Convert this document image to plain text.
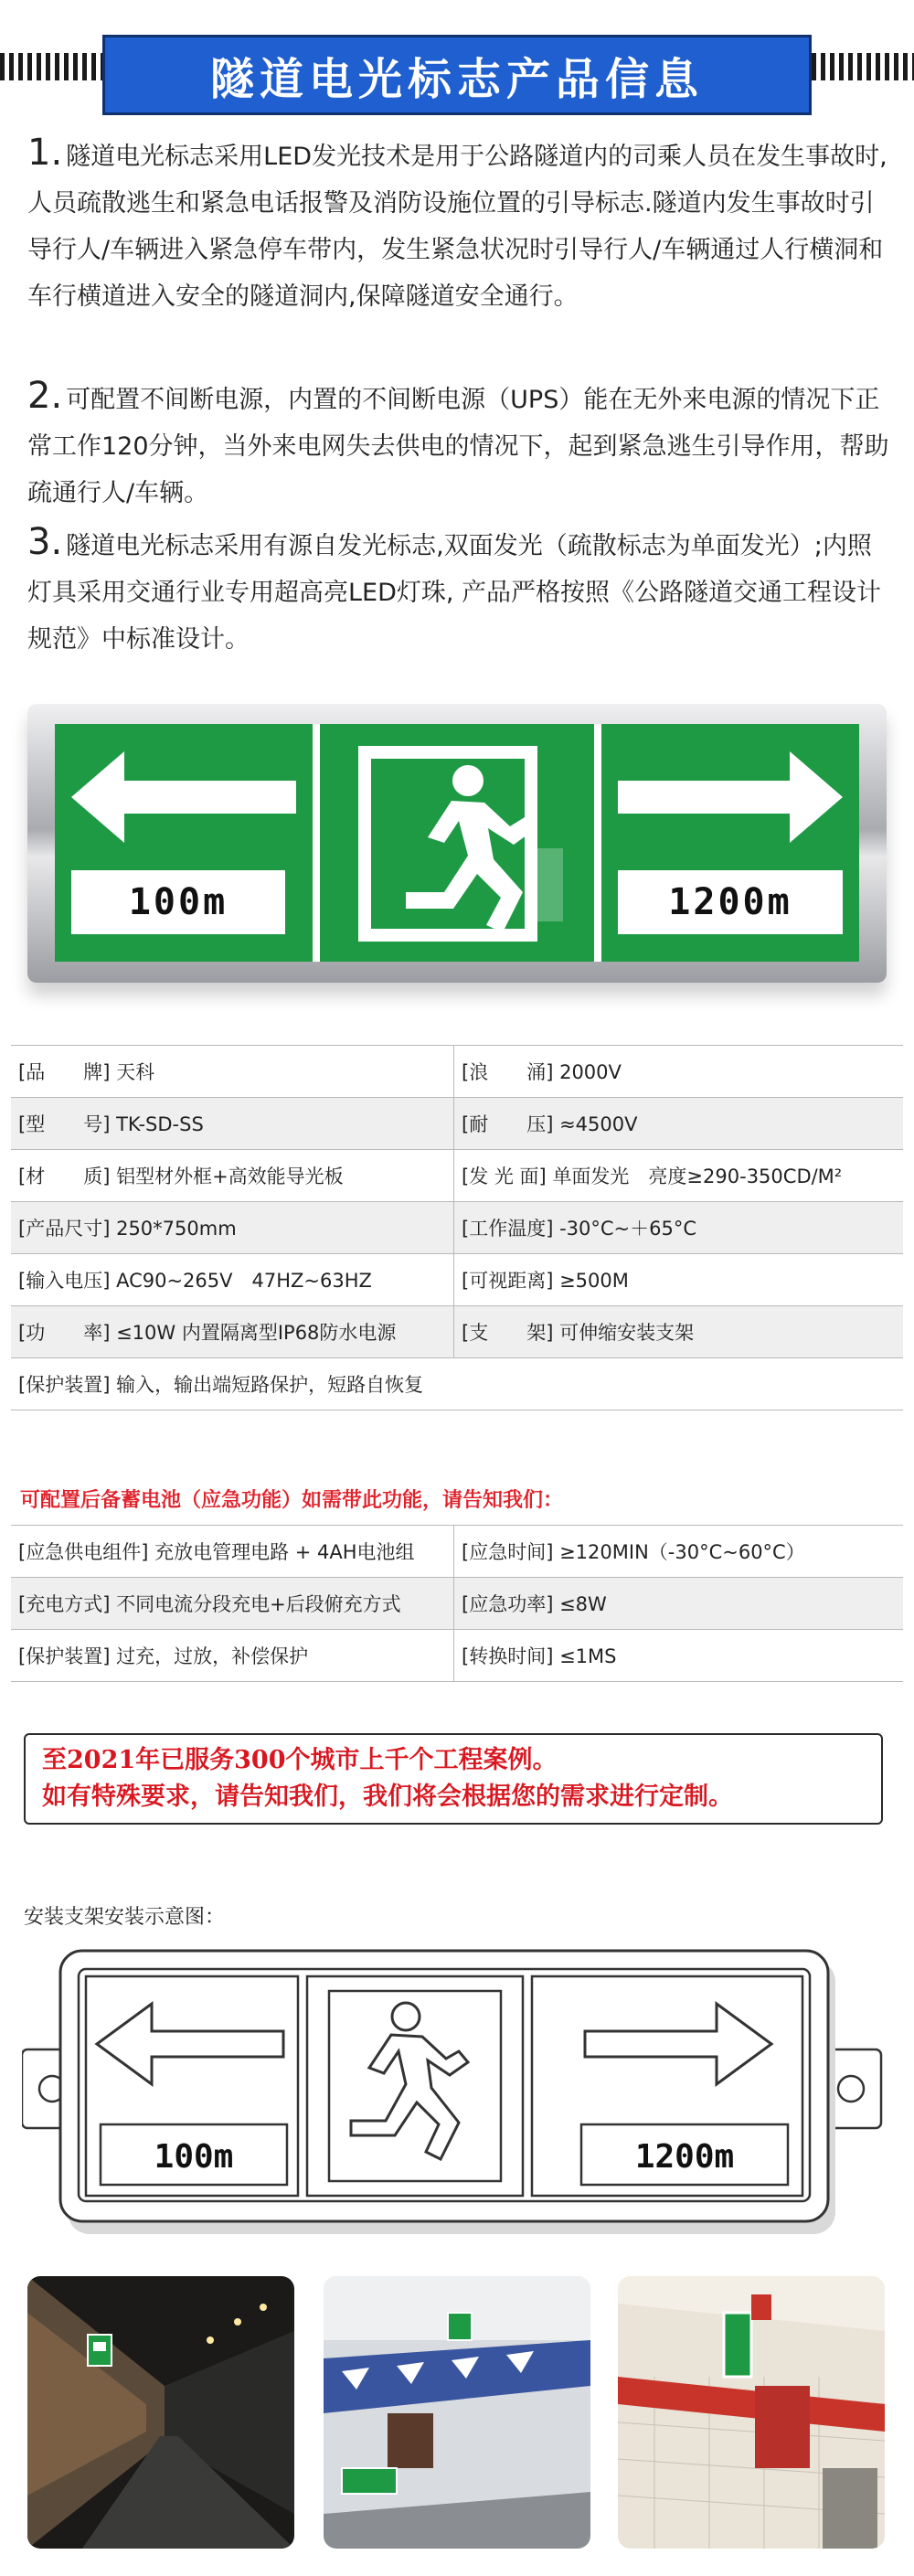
隧道电光标志产品信息
1. 隧道电光标志采用LED发光技术是用于公路隧道内的司乘人员在发生事故时,人员疏散逃生和紧急电话报警及消防设施位置的引导标志.隧道内发生事故时引导行人/车辆进入紧急停车带内，发生紧急状况时引导行人/车辆通过人行横洞和车行横道进入安全的隧道洞内,保障隧道安全通行。
2. 可配置不间断电源，内置的不间断电源（UPS）能在无外来电源的情况下正常工作120分钟，当外来电网失去供电的情况下，起到紧急逃生引导作用，帮助疏通行人/车辆。
3. 隧道电光标志采用有源自发光标志,双面发光（疏散标志为单面发光）;内照灯具采用交通行业专用超高亮LED灯珠, 产品严格按照《公路隧道交通工程设计规范》中标准设计。
100m	1200m
[品　　牌] 天科	[浪　　涌] 2000V
[型　　号] TK-SD-SS	[耐　　压] ≈4500V
[材　　质] 铝型材外框+高效能导光板	[发 光 面] 单面发光　亮度≥290-350CD/M²
[产品尺寸] 250*750mm	[工作温度] -30°C~＋65°C
[输入电压] AC90~265V　47HZ~63HZ	[可视距离] ≥500M
[功　　率] ≤10W 内置隔离型IP68防水电源	[支　　架] 可伸缩安装支架
[保护装置] 输入，输出端短路保护，短路自恢复	
可配置后备蓄电池（应急功能）如需带此功能，请告知我们：
[应急供电组件] 充放电管理电路 + 4AH电池组	[应急时间] ≥120MIN（-30°C~60°C）
[充电方式] 不同电流分段充电+后段俯充方式	[应急功率] ≤8W
[保护装置] 过充，过放，补偿保护	[转换时间] ≤1MS
至2021年已服务300个城市上千个工程案例。
如有特殊要求，请告知我们，我们将会根据您的需求进行定制。
安装支架安装示意图：
100m	1200m
